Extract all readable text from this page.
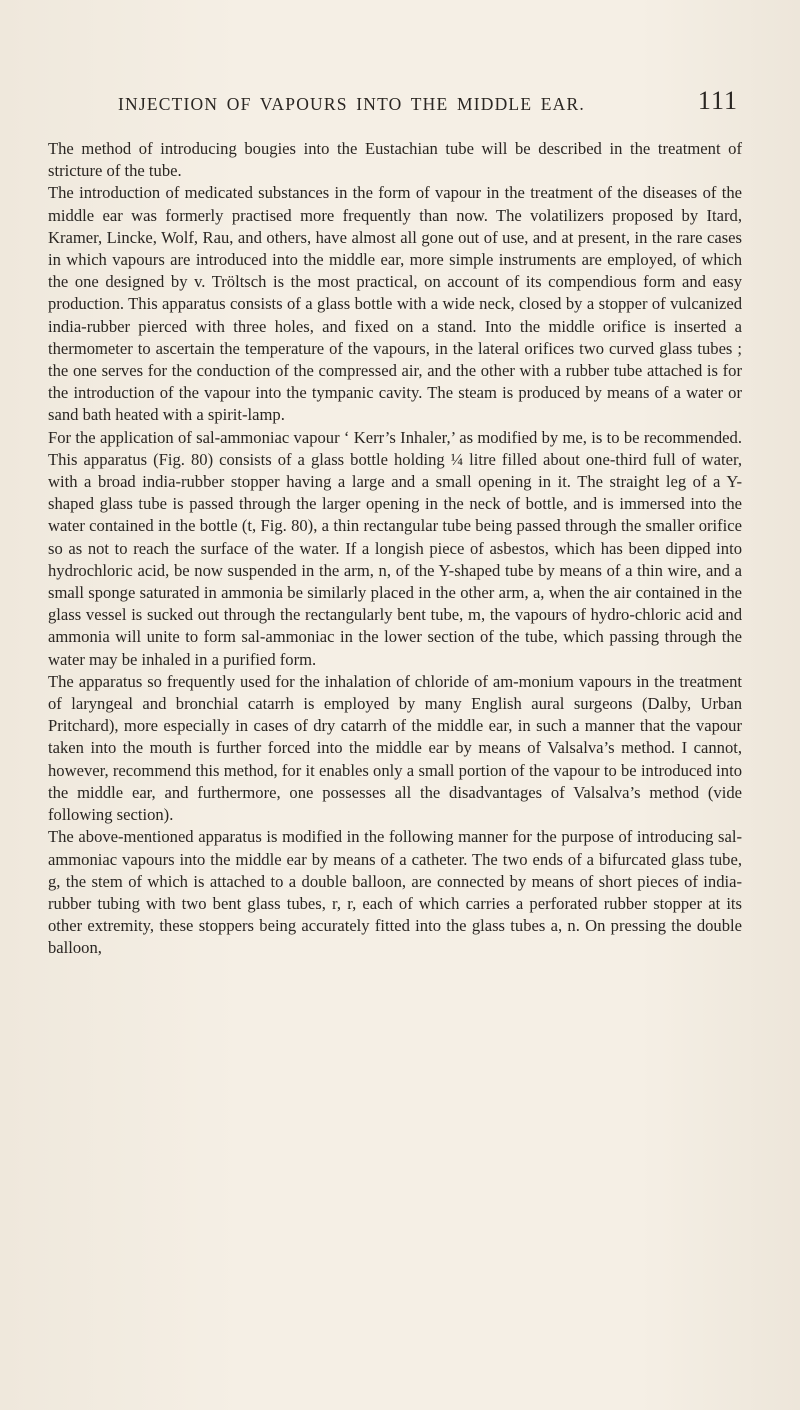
INJECTION OF VAPOURS INTO THE MIDDLE EAR.	111

The method of introducing bougies into the Eustachian tube will be described in the treatment of stricture of the tube.

The introduction of medicated substances in the form of vapour in the treatment of the diseases of the middle ear was formerly practised more frequently than now. The volatilizers proposed by Itard, Kramer, Lincke, Wolf, Rau, and others, have almost all gone out of use, and at present, in the rare cases in which vapours are introduced into the middle ear, more simple instruments are employed, of which the one designed by v. Tröltsch is the most practical, on account of its compendious form and easy production. This apparatus consists of a glass bottle with a wide neck, closed by a stopper of vulcanized india-rubber pierced with three holes, and fixed on a stand. Into the middle orifice is inserted a thermometer to ascertain the temperature of the vapours, in the lateral orifices two curved glass tubes ; the one serves for the conduction of the compressed air, and the other with a rubber tube attached is for the introduction of the vapour into the tympanic cavity. The steam is produced by means of a water or sand bath heated with a spirit-lamp.

For the application of sal-ammoniac vapour ‘ Kerr’s Inhaler,’ as modified by me, is to be recommended. This apparatus (Fig. 80) consists of a glass bottle holding ¼ litre filled about one-third full of water, with a broad india-rubber stopper having a large and a small opening in it. The straight leg of a Y-shaped glass tube is passed through the larger opening in the neck of bottle, and is immersed into the water contained in the bottle (t, Fig. 80), a thin rectangular tube being passed through the smaller orifice so as not to reach the surface of the water. If a longish piece of asbestos, which has been dipped into hydrochloric acid, be now suspended in the arm, n, of the Y-shaped tube by means of a thin wire, and a small sponge saturated in ammonia be similarly placed in the other arm, a, when the air contained in the glass vessel is sucked out through the rectangularly bent tube, m, the vapours of hydro-chloric acid and ammonia will unite to form sal-ammoniac in the lower section of the tube, which passing through the water may be inhaled in a purified form.

The apparatus so frequently used for the inhalation of chloride of am-monium vapours in the treatment of laryngeal and bronchial catarrh is employed by many English aural surgeons (Dalby, Urban Pritchard), more especially in cases of dry catarrh of the middle ear, in such a manner that the vapour taken into the mouth is further forced into the middle ear by means of Valsalva’s method. I cannot, however, recommend this method, for it enables only a small portion of the vapour to be introduced into the middle ear, and furthermore, one possesses all the disadvantages of Valsalva’s method (vide following section).

The above-mentioned apparatus is modified in the following manner for the purpose of introducing sal-ammoniac vapours into the middle ear by means of a catheter. The two ends of a bifurcated glass tube, g, the stem of which is attached to a double balloon, are connected by means of short pieces of india-rubber tubing with two bent glass tubes, r, r, each of which carries a perforated rubber stopper at its other extremity, these stoppers being accurately fitted into the glass tubes a, n. On pressing the double balloon,
